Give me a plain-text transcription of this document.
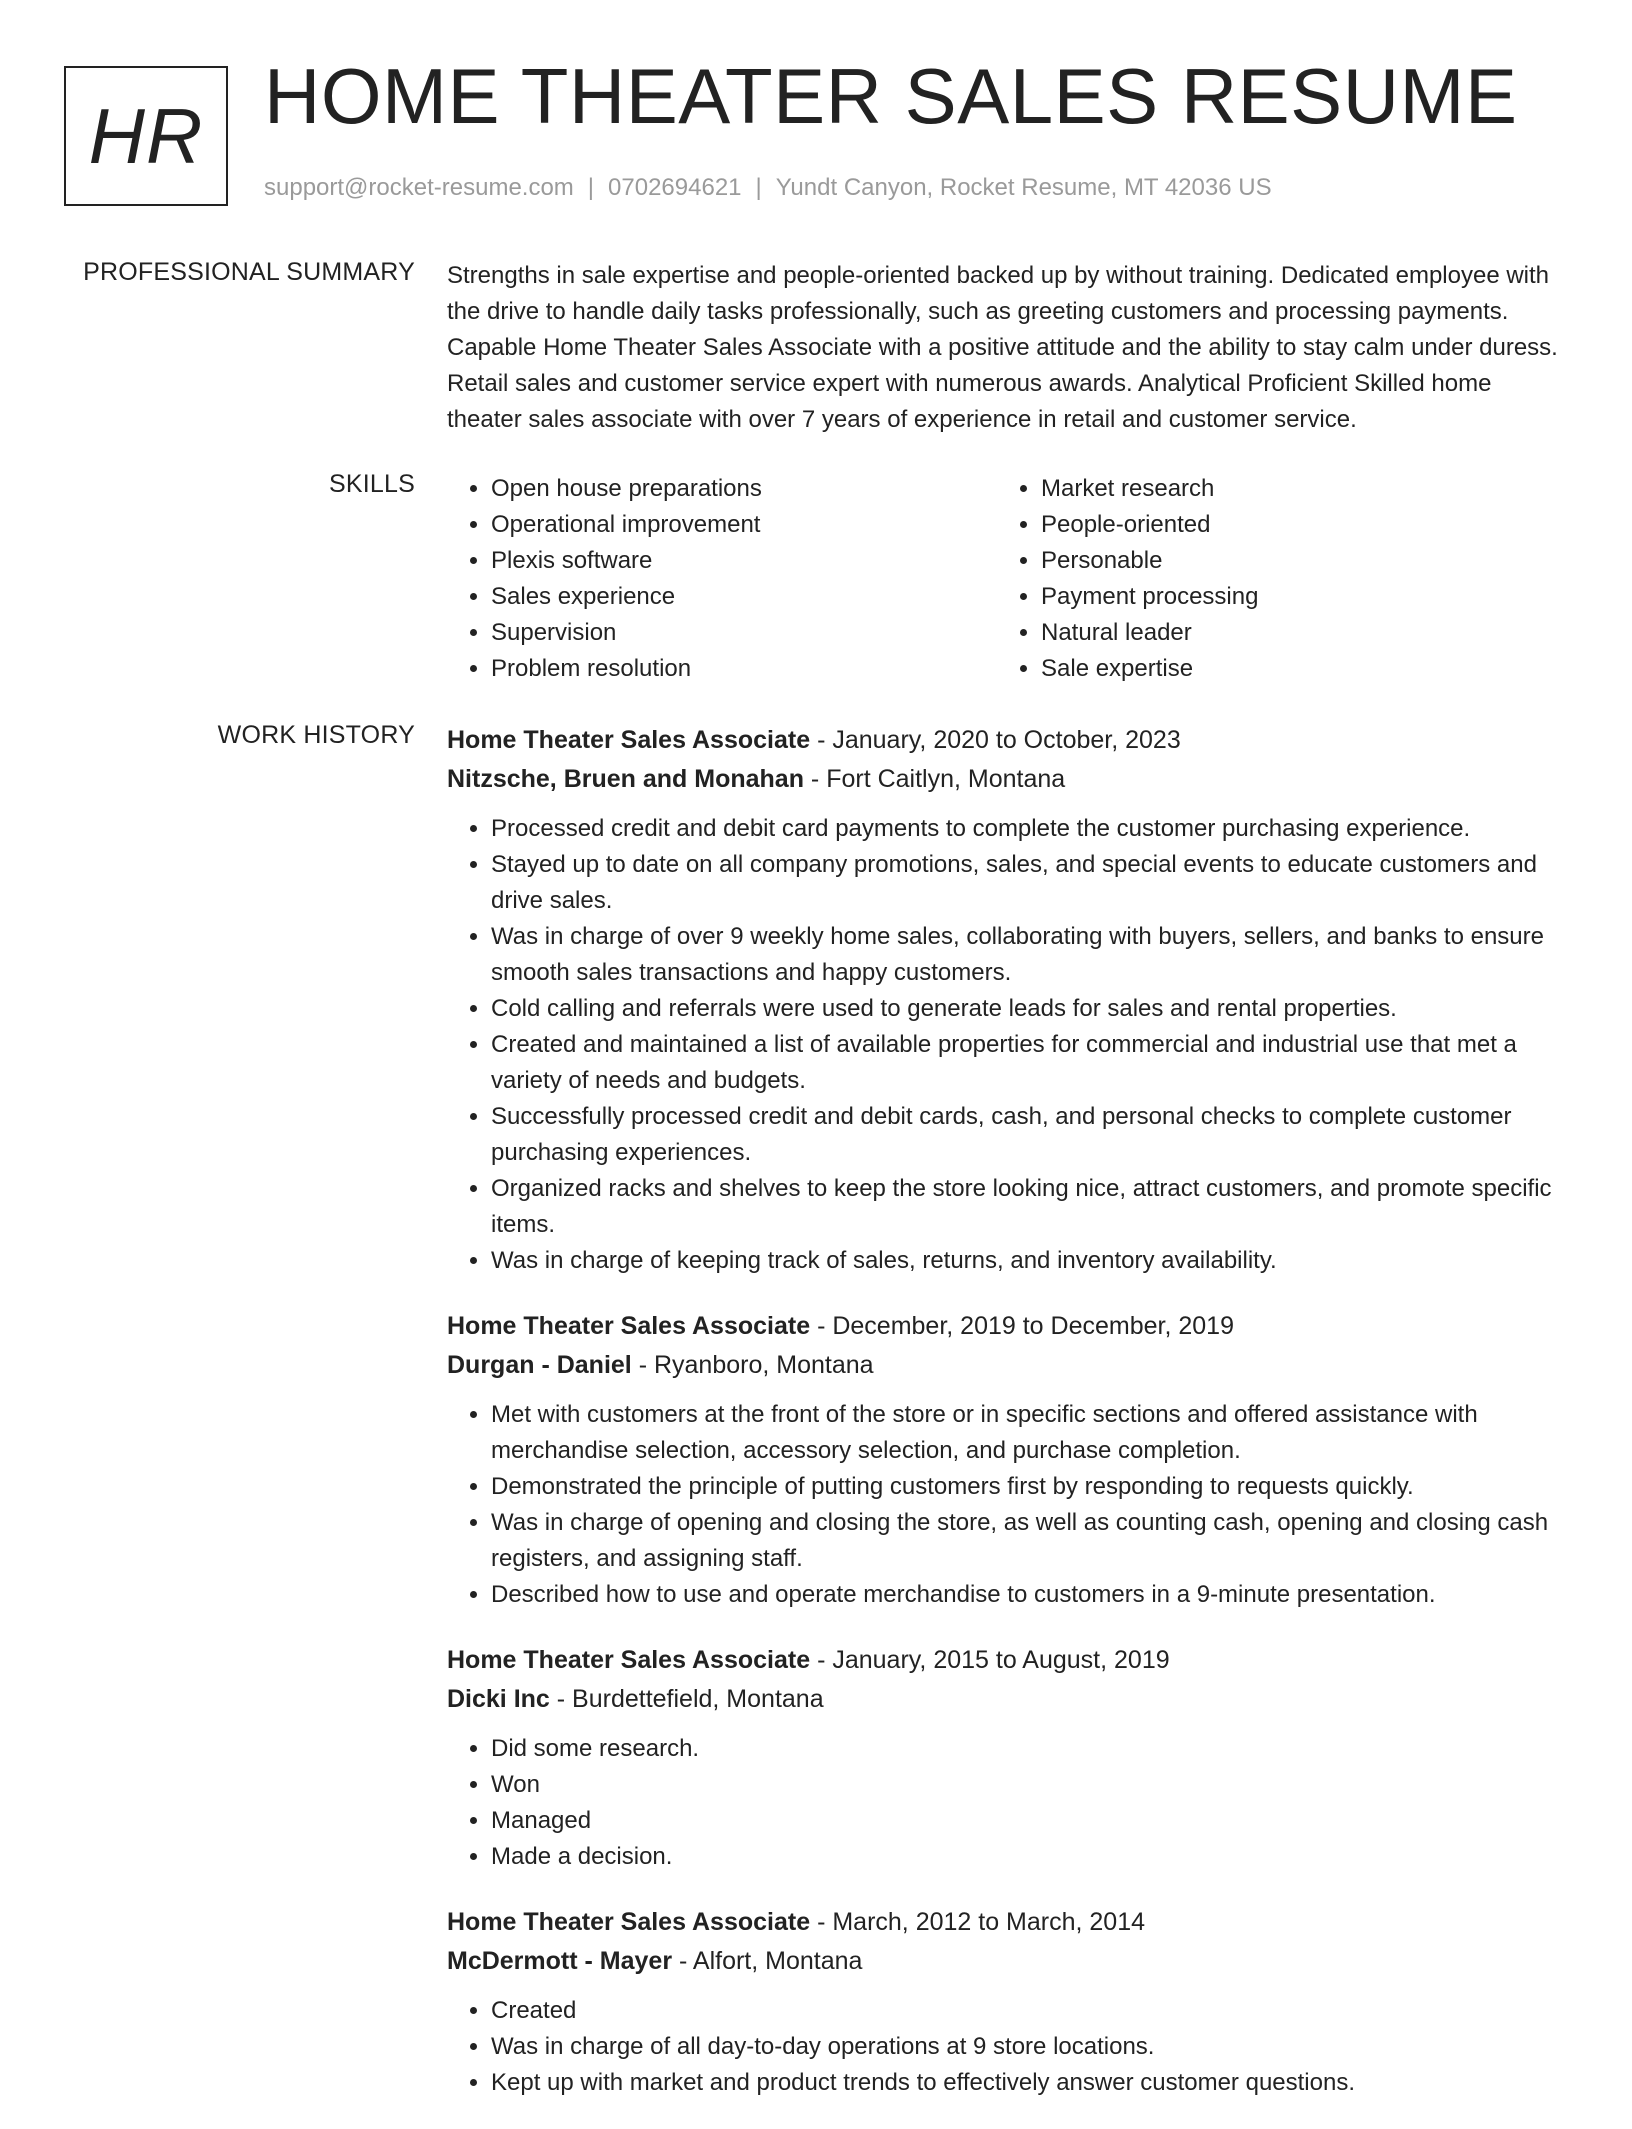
HR HOME THEATER SALES RESUME
support@rocket-resume.com | 0702694621 | Yundt Canyon, Rocket Resume, MT 42036 US
PROFESSIONAL SUMMARY Strengths in sale expertise and people-oriented backed up by without training. Dedicated employee with the drive to handle daily tasks professionally, such as greeting customers and processing payments. Capable Home Theater Sales Associate with a positive attitude and the ability to stay calm under duress. Retail sales and customer service expert with numerous awards. Analytical Proficient Skilled home theater sales associate with over 7 years of experience in retail and customer service.

SKILLS
•	Open house preparations
• Operational improvement
• Plexis software
• Sales experience
• Supervision
• Problem resolution
• Market research
• People-oriented
• Personable
• Payment processing
• Natural leader
• Sale expertise
WORK HISTORY Home Theater Sales Associate - January, 2020 to October, 2023
Nitzsche, Bruen and Monahan - Fort Caitlyn, Montana
• Processed credit and debit card payments to complete the customer purchasing experience.
• Stayed up to date on all company promotions, sales, and special events to educate customers and drive sales.
• Was in charge of over 9 weekly home sales, collaborating with buyers, sellers, and banks to ensure smooth sales transactions and happy customers.
• Cold calling and referrals were used to generate leads for sales and rental properties.
• Created and maintained a list of available properties for commercial and industrial use that met a variety of needs and budgets.
• Successfully processed credit and debit cards, cash, and personal checks to complete customer purchasing experiences.
• Organized racks and shelves to keep the store looking nice, attract customers, and promote specific items.
• Was in charge of keeping track of sales, returns, and inventory availability.
Home Theater Sales Associate - December, 2019 to December, 2019
Durgan - Daniel - Ryanboro, Montana
• Met with customers at the front of the store or in specific sections and offered assistance with merchandise selection, accessory selection, and purchase completion.
• Demonstrated the principle of putting customers first by responding to requests quickly.
• Was in charge of opening and closing the store, as well as counting cash, opening and closing cash registers, and assigning staff.
• Described how to use and operate merchandise to customers in a 9-minute presentation.
Home Theater Sales Associate - January, 2015 to August, 2019
Dicki Inc - Burdettefield, Montana
• Did some research.
• Won
• Managed
• Made a decision.
Home Theater Sales Associate - March, 2012 to March, 2014
McDermott - Mayer - Alfort, Montana
• Created
• Was in charge of all day-to-day operations at 9 store locations.
• Kept up with market and product trends to effectively answer customer questions.
